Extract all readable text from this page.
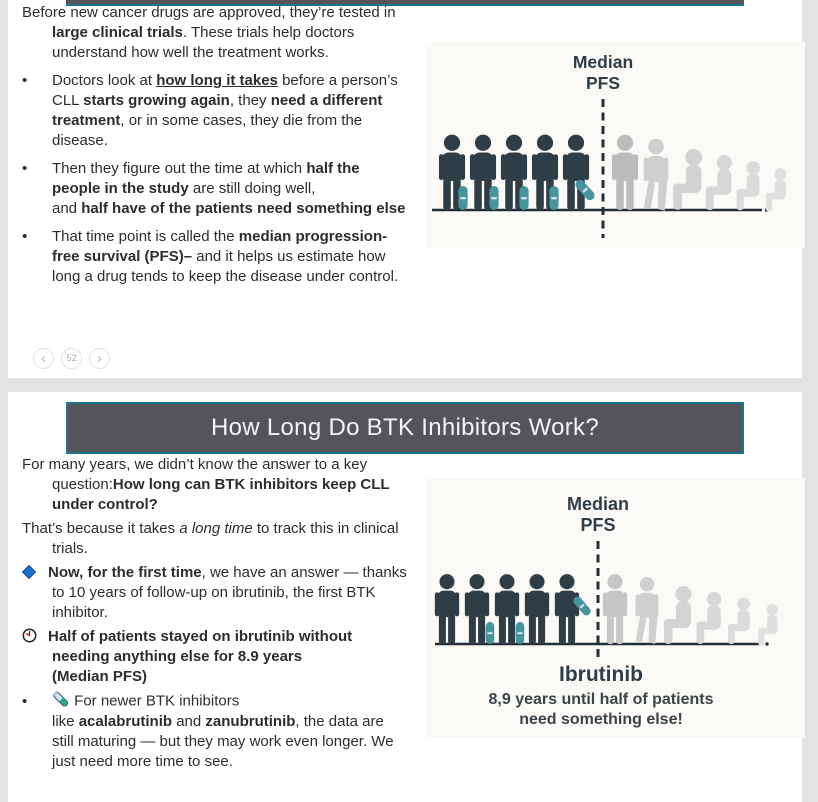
Before new cancer drugs are approved, they’re tested in large clinical trials. These trials help doctors understand how well the treatment works.
• Doctors look at how long it takes before a person’s CLL starts growing again, they need a different treatment, or in some cases, they die from the disease.
• Then they figure out the time at which half the people in the study are still doing well,
and half have of the patients need something else
• That time point is called the median progression-free survival (PFS)– and it helps us estimate how long a drug tends to keep the disease under control.
‹	52	›
Median
PFS
How Long Do BTK Inhibitors Work?
For many years, we didn’t know the answer to a key question:How long can BTK inhibitors keep CLL under control?
That’s because it takes a long time to track this in clinical trials.
Now, for the first time, we have an answer — thanks to 10 years of follow-up on ibrutinib, the first BTK inhibitor.
Half of patients stayed on ibrutinib without
needing anything else for 8.9 years
(Median PFS)
•	For newer BTK inhibitors
like acalabrutinib and zanubrutinib, the data are still maturing — but they may work even longer. We just need more time to see.
Median
PFS
Ibrutinib
8,9 years until half of patients
need something else!
